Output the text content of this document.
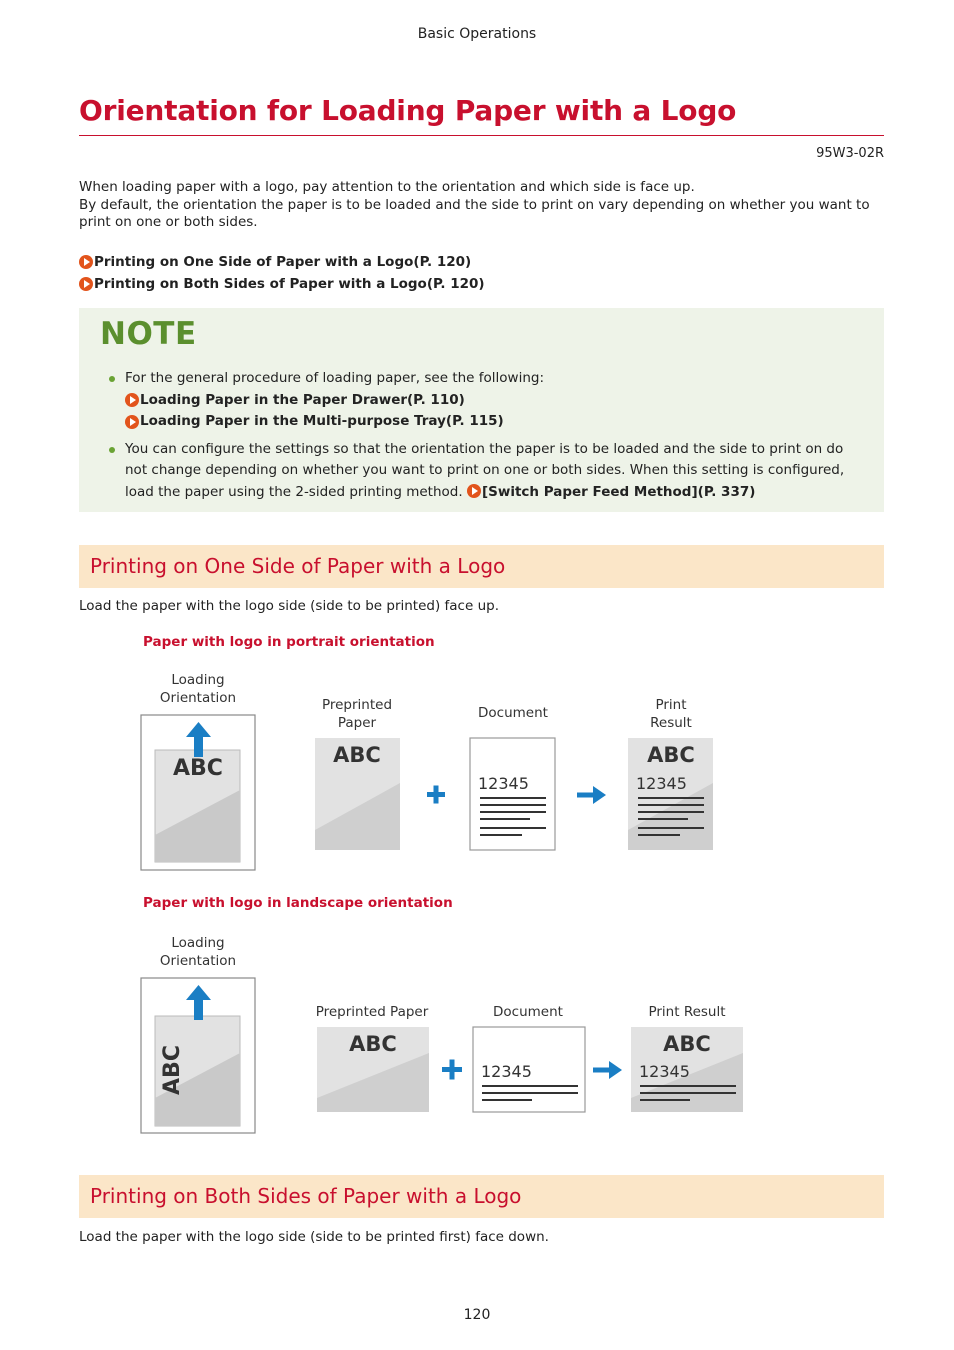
Basic Operations
Orientation for Loading Paper with a Logo
95W3-02R

When loading paper with a logo, pay attention to the orientation and which side is face up.

By default, the orientation the paper is to be loaded and the side to print on vary depending on whether you want to print on one or both sides.

Printing on One Side of Paper with a Logo(P. 120)
Printing on Both Sides of Paper with a Logo(P. 120)
NOTE
For the general procedure of loading paper, see the following:
Loading Paper in the Paper Drawer(P. 110)
Loading Paper in the Multi-purpose Tray(P. 115)
You can configure the settings so that the orientation the paper is to be loaded and the side to print on do not change depending on whether you want to print on one or both sides. When this setting is configured, load the paper using the 2-sided printing method. [Switch Paper Feed Method](P. 337)
Printing on One Side of Paper with a Logo
Load the paper with the logo side (side to be printed) face up.
Paper with logo in portrait orientation
Loading
Orientation
ABC
Preprinted
Paper
ABC
Document
12345
Print
Result
ABC
12345
Paper with logo in landscape orientation
Loading
Orientation
ABC
Preprinted Paper
ABC
Document
12345
Print Result
ABC
12345
Printing on Both Sides of Paper with a Logo
Load the paper with the logo side (side to be printed first) face down.
120
